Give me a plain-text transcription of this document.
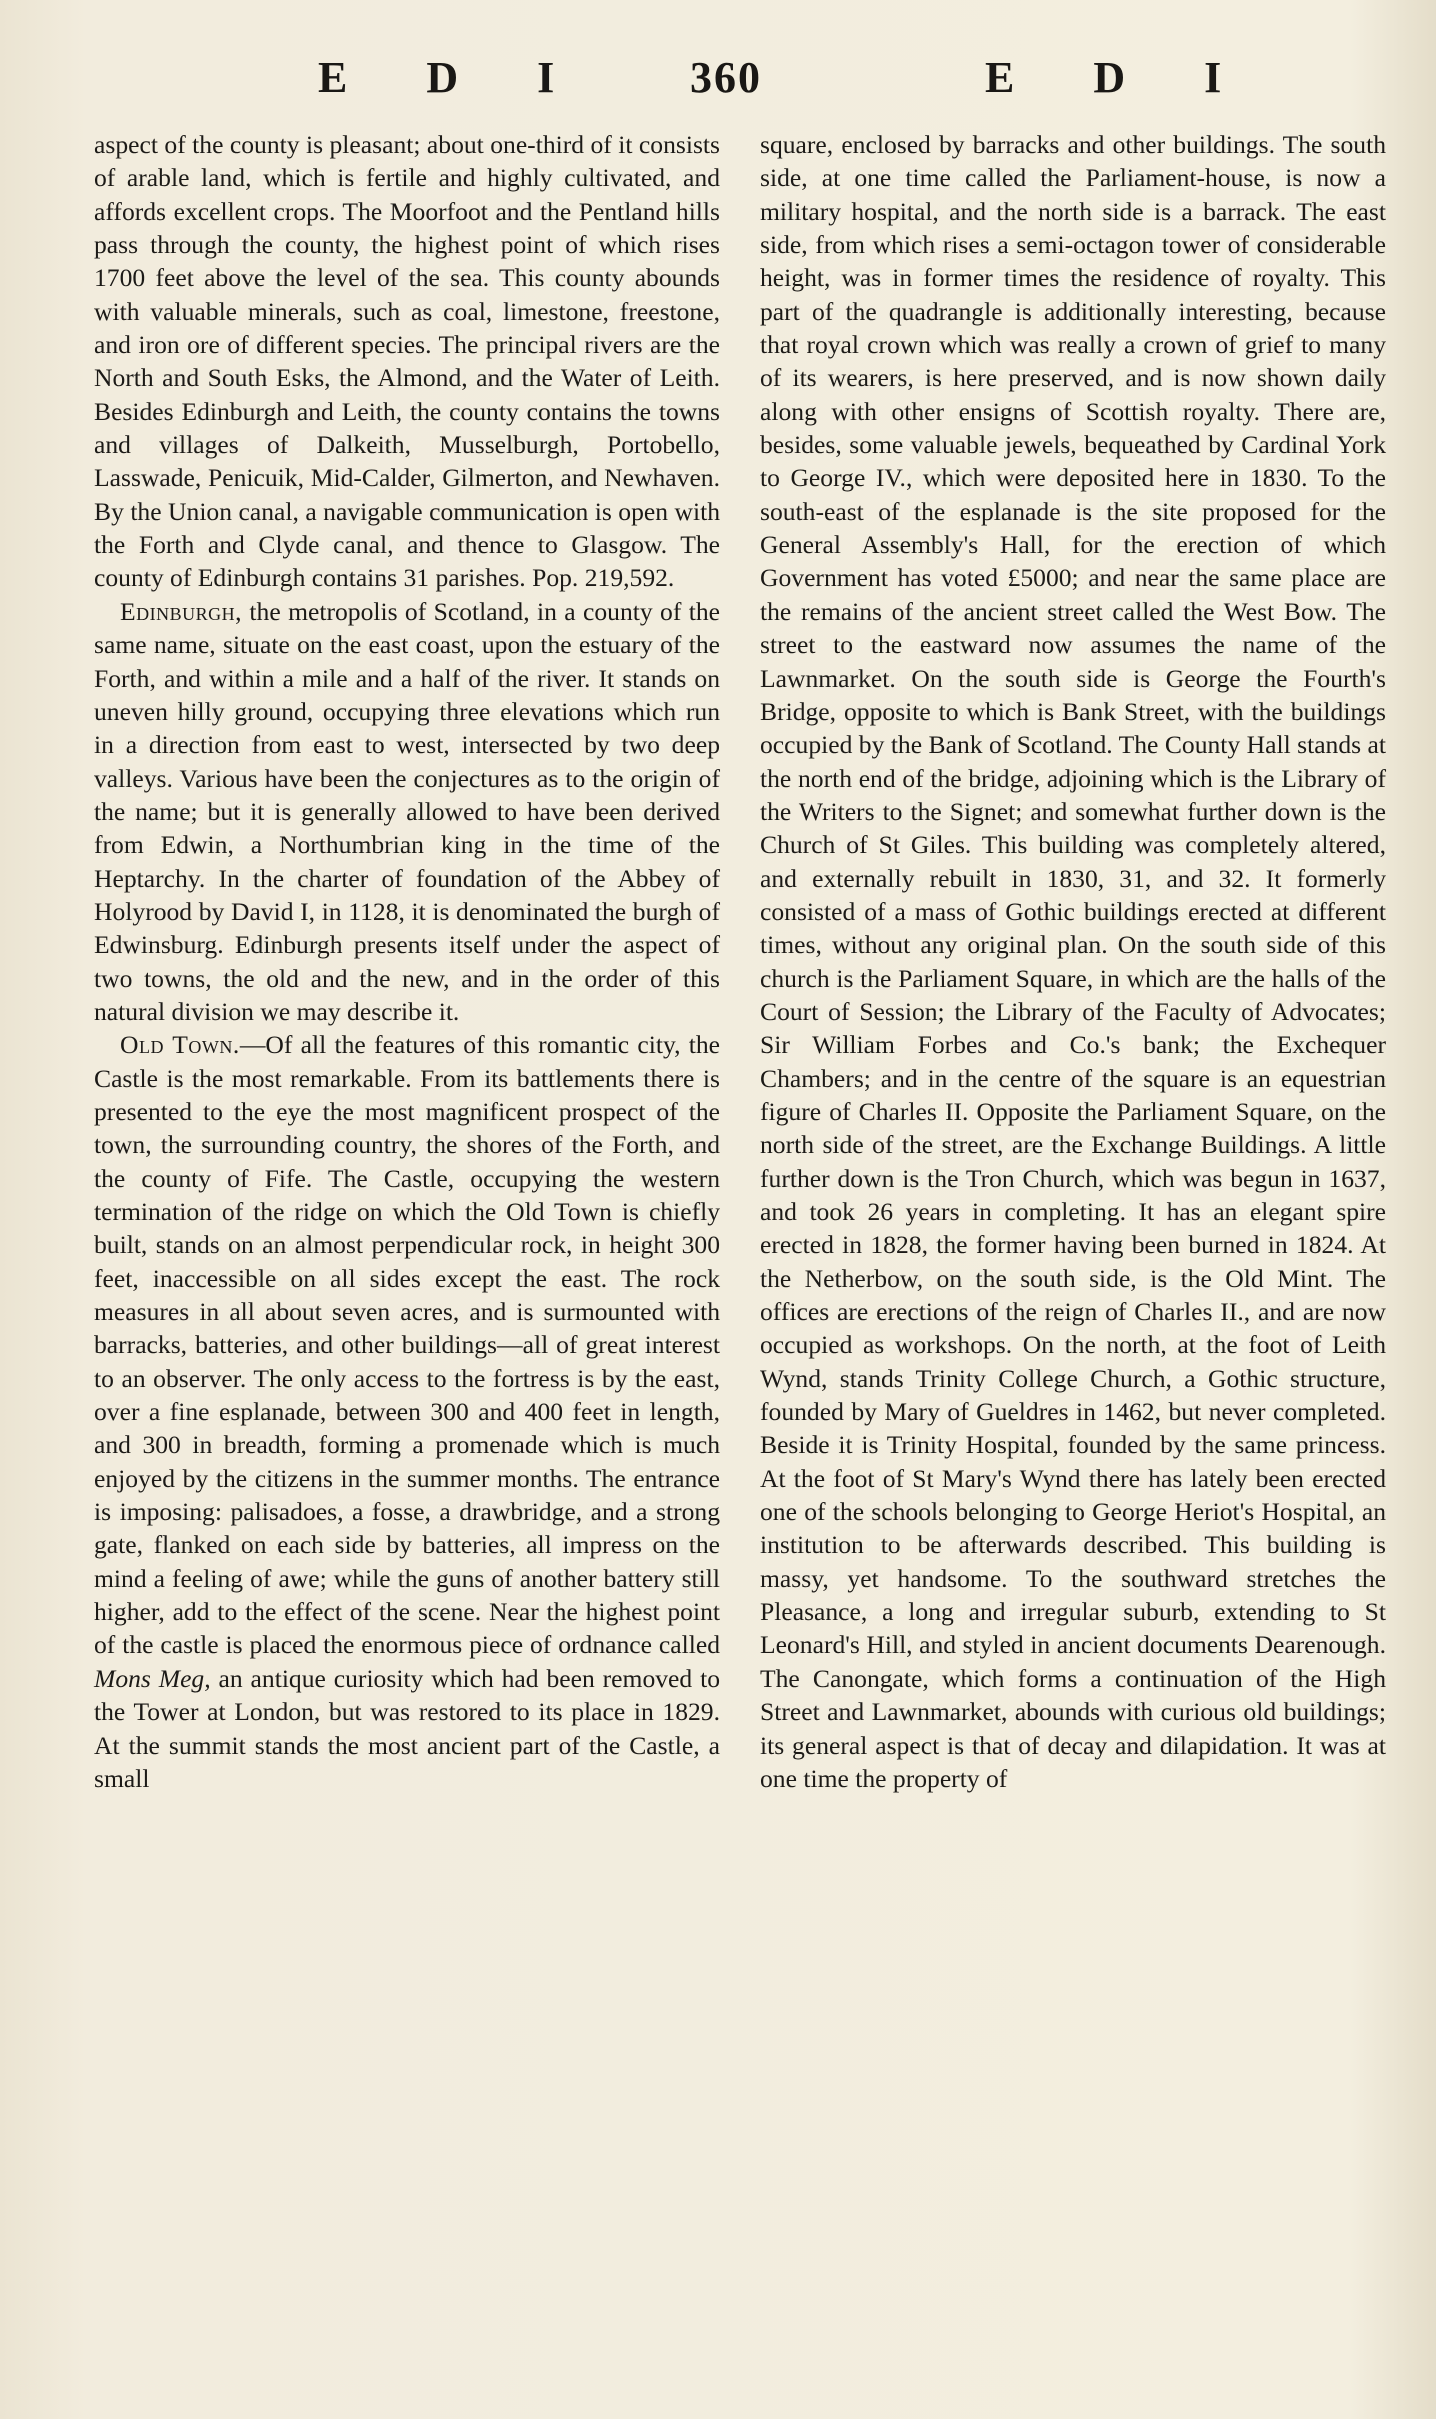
E D I 360	E D I

aspect of the county is pleasant; about one-third of it consists of arable land, which is fertile and highly cultivated, and affords excellent crops. The Moorfoot and the Pentland hills pass through the county, the highest point of which rises 1700 feet above the level of the sea. This county abounds with valuable minerals, such as coal, limestone, freestone, and iron ore of different species. The principal rivers are the North and South Esks, the Almond, and the Water of Leith. Besides Edinburgh and Leith, the county contains the towns and villages of Dalkeith, Musselburgh, Portobello, Lasswade, Penicuik, Mid-Calder, Gilmerton, and Newhaven. By the Union canal, a navigable communication is open with the Forth and Clyde canal, and thence to Glasgow. The county of Edinburgh contains 31 parishes. Pop. 219,592.

Edinburgh, the metropolis of Scotland, in a county of the same name, situate on the east coast, upon the estuary of the Forth, and within a mile and a half of the river. It stands on uneven hilly ground, occupying three elevations which run in a direction from east to west, intersected by two deep valleys. Various have been the conjectures as to the origin of the name; but it is generally allowed to have been derived from Edwin, a Northumbrian king in the time of the Heptarchy. In the charter of foundation of the Abbey of Holyrood by David I, in 1128, it is denominated the burgh of Edwinsburg. Edinburgh presents itself under the aspect of two towns, the old and the new, and in the order of this natural division we may describe it.

Old Town.—Of all the features of this romantic city, the Castle is the most remarkable. From its battlements there is presented to the eye the most magnificent prospect of the town, the surrounding country, the shores of the Forth, and the county of Fife. The Castle, occupying the western termination of the ridge on which the Old Town is chiefly built, stands on an almost perpendicular rock, in height 300 feet, inaccessible on all sides except the east. The rock measures in all about seven acres, and is surmounted with barracks, batteries, and other buildings—all of great interest to an observer. The only access to the fortress is by the east, over a fine esplanade, between 300 and 400 feet in length, and 300 in breadth, forming a promenade which is much enjoyed by the citizens in the summer months. The entrance is imposing: palisadoes, a fosse, a drawbridge, and a strong gate, flanked on each side by batteries, all impress on the mind a feeling of awe; while the guns of another battery still higher, add to the effect of the scene. Near the highest point of the castle is placed the enormous piece of ordnance called Mons Meg, an antique curiosity which had been removed to the Tower at London, but was restored to its place in 1829. At the summit stands the most ancient part of the Castle, a small

square, enclosed by barracks and other buildings. The south side, at one time called the Parliament-house, is now a military hospital, and the north side is a barrack. The east side, from which rises a semi-octagon tower of considerable height, was in former times the residence of royalty. This part of the quadrangle is additionally interesting, because that royal crown which was really a crown of grief to many of its wearers, is here preserved, and is now shown daily along with other ensigns of Scottish royalty. There are, besides, some valuable jewels, bequeathed by Cardinal York to George IV., which were deposited here in 1830. To the south-east of the esplanade is the site proposed for the General Assembly's Hall, for the erection of which Government has voted £5000; and near the same place are the remains of the ancient street called the West Bow. The street to the eastward now assumes the name of the Lawnmarket. On the south side is George the Fourth's Bridge, opposite to which is Bank Street, with the buildings occupied by the Bank of Scotland. The County Hall stands at the north end of the bridge, adjoining which is the Library of the Writers to the Signet; and somewhat further down is the Church of St Giles. This building was completely altered, and externally rebuilt in 1830, 31, and 32. It formerly consisted of a mass of Gothic buildings erected at different times, without any original plan. On the south side of this church is the Parliament Square, in which are the halls of the Court of Session; the Library of the Faculty of Advocates; Sir William Forbes and Co.'s bank; the Exchequer Chambers; and in the centre of the square is an equestrian figure of Charles II. Opposite the Parliament Square, on the north side of the street, are the Exchange Buildings. A little further down is the Tron Church, which was begun in 1637, and took 26 years in completing. It has an elegant spire erected in 1828, the former having been burned in 1824. At the Netherbow, on the south side, is the Old Mint. The offices are erections of the reign of Charles II., and are now occupied as workshops. On the north, at the foot of Leith Wynd, stands Trinity College Church, a Gothic structure, founded by Mary of Gueldres in 1462, but never completed. Beside it is Trinity Hospital, founded by the same princess. At the foot of St Mary's Wynd there has lately been erected one of the schools belonging to George Heriot's Hospital, an institution to be afterwards described. This building is massy, yet handsome. To the southward stretches the Pleasance, a long and irregular suburb, extending to St Leonard's Hill, and styled in ancient documents Dearenough. The Canongate, which forms a continuation of the High Street and Lawnmarket, abounds with curious old buildings; its general aspect is that of decay and dilapidation. It was at one time the property of
